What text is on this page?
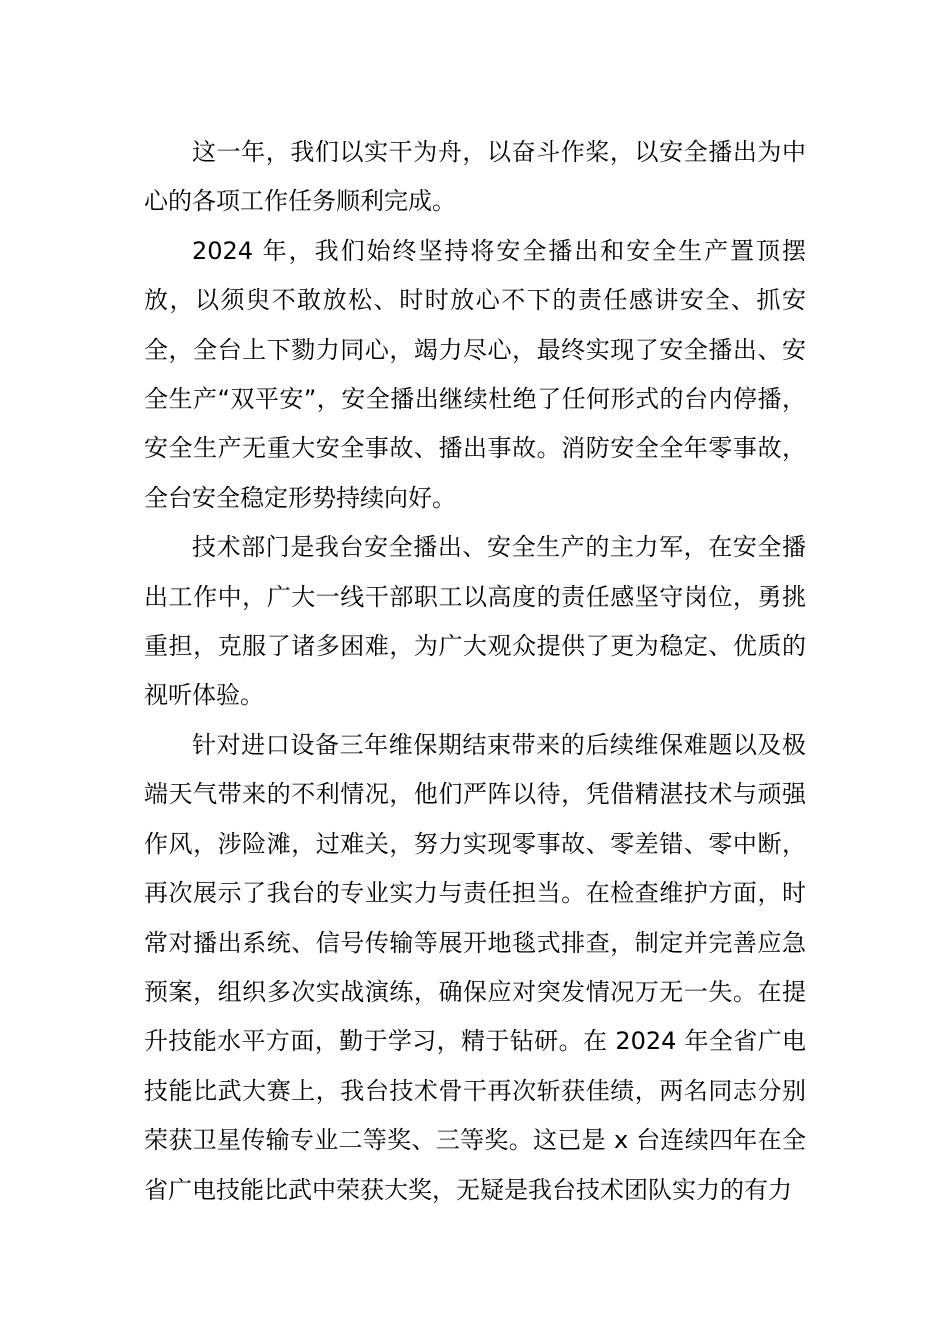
这一年，我们以实干为舟，以奋斗作桨，以安全播出为中心的各项工作任务顺利完成。

2024 年，我们始终坚持将安全播出和安全生产置顶摆放，以须臾不敢放松、时时放心不下的责任感讲安全、抓安全，全台上下勠力同心，竭力尽心，最终实现了安全播出、安全生产“双平安”，安全播出继续杜绝了任何形式的台内停播，安全生产无重大安全事故、播出事故。消防安全全年零事故，全台安全稳定形势持续向好。

技术部门是我台安全播出、安全生产的主力军，在安全播出工作中，广大一线干部职工以高度的责任感坚守岗位，勇挑重担，克服了诸多困难，为广大观众提供了更为稳定、优质的视听体验。

针对进口设备三年维保期结束带来的后续维保难题以及极端天气带来的不利情况，他们严阵以待，凭借精湛技术与顽强作风，涉险滩，过难关，努力实现零事故、零差错、零中断，再次展示了我台的专业实力与责任担当。在检查维护方面，时常对播出系统、信号传输等展开地毯式排查，制定并完善应急预案，组织多次实战演练，确保应对突发情况万无一失。在提升技能水平方面，勤于学习，精于钻研。在 2024 年全省广电技能比武大赛上，我台技术骨干再次斩获佳绩，两名同志分别荣获卫星传输专业二等奖、三等奖。这已是 x 台连续四年在全省广电技能比武中荣获大奖，无疑是我台技术团队实力的有力
